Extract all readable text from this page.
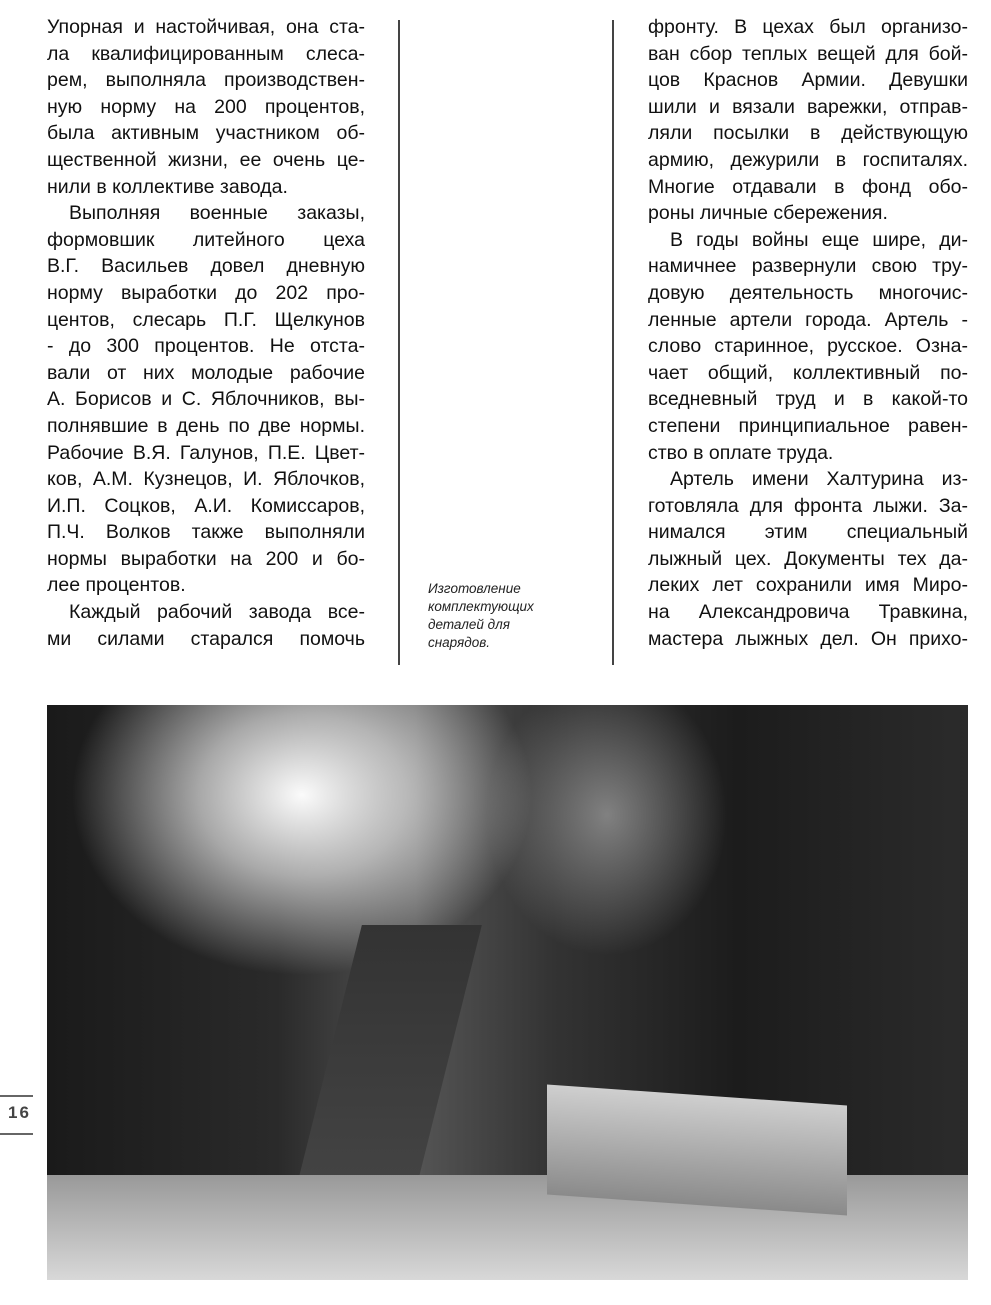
Упорная и настойчивая, она ста-
ла квалифицированным слеса-
рем, выполняла производствен-
ную норму на 200 процентов,
была активным участником об-
щественной жизни, ее очень це-
нили в коллективе завода.
Выполняя военные заказы,
формовшик литейного цеха
В.Г. Васильев довел дневную
норму выработки до 202 про-
центов, слесарь П.Г. Щелкунов
- до 300 процентов. Не отста-
вали от них молодые рабочие
А. Борисов и С. Яблочников, вы-
полнявшие в день по две нормы.
Рабочие В.Я. Галунов, П.Е. Цвет-
ков, А.М. Кузнецов, И. Яблочков,
И.П. Соцков, А.И. Комиссаров,
П.Ч. Волков также выполняли
нормы выработки на 200 и бо-
лее процентов.
Каждый рабочий завода все-
ми силами старался помочь
Изготовление
комплектующих
деталей для
снарядов.
фронту. В цехах был организо-
ван сбор теплых вещей для бой-
цов Краснов Армии. Девушки
шили и вязали варежки, отправ-
ляли посылки в действующую
армию, дежурили в госпиталях.
Многие отдавали в фонд обо-
роны личные сбережения.
В годы войны еще шире, ди-
намичнее развернули свою тру-
довую деятельность многочис-
ленные артели города. Артель -
слово старинное, русское. Озна-
чает общий, коллективный по-
вседневный труд и в какой-то
степени принципиальное равен-
ство в оплате труда.
Артель имени Халтурина из-
готовляла для фронта лыжи. За-
нимался этим специальный
лыжный цех. Документы тех да-
леких лет сохранили имя Миро-
на Александровича Травкина,
мастера лыжных дел. Он прихо-
16
